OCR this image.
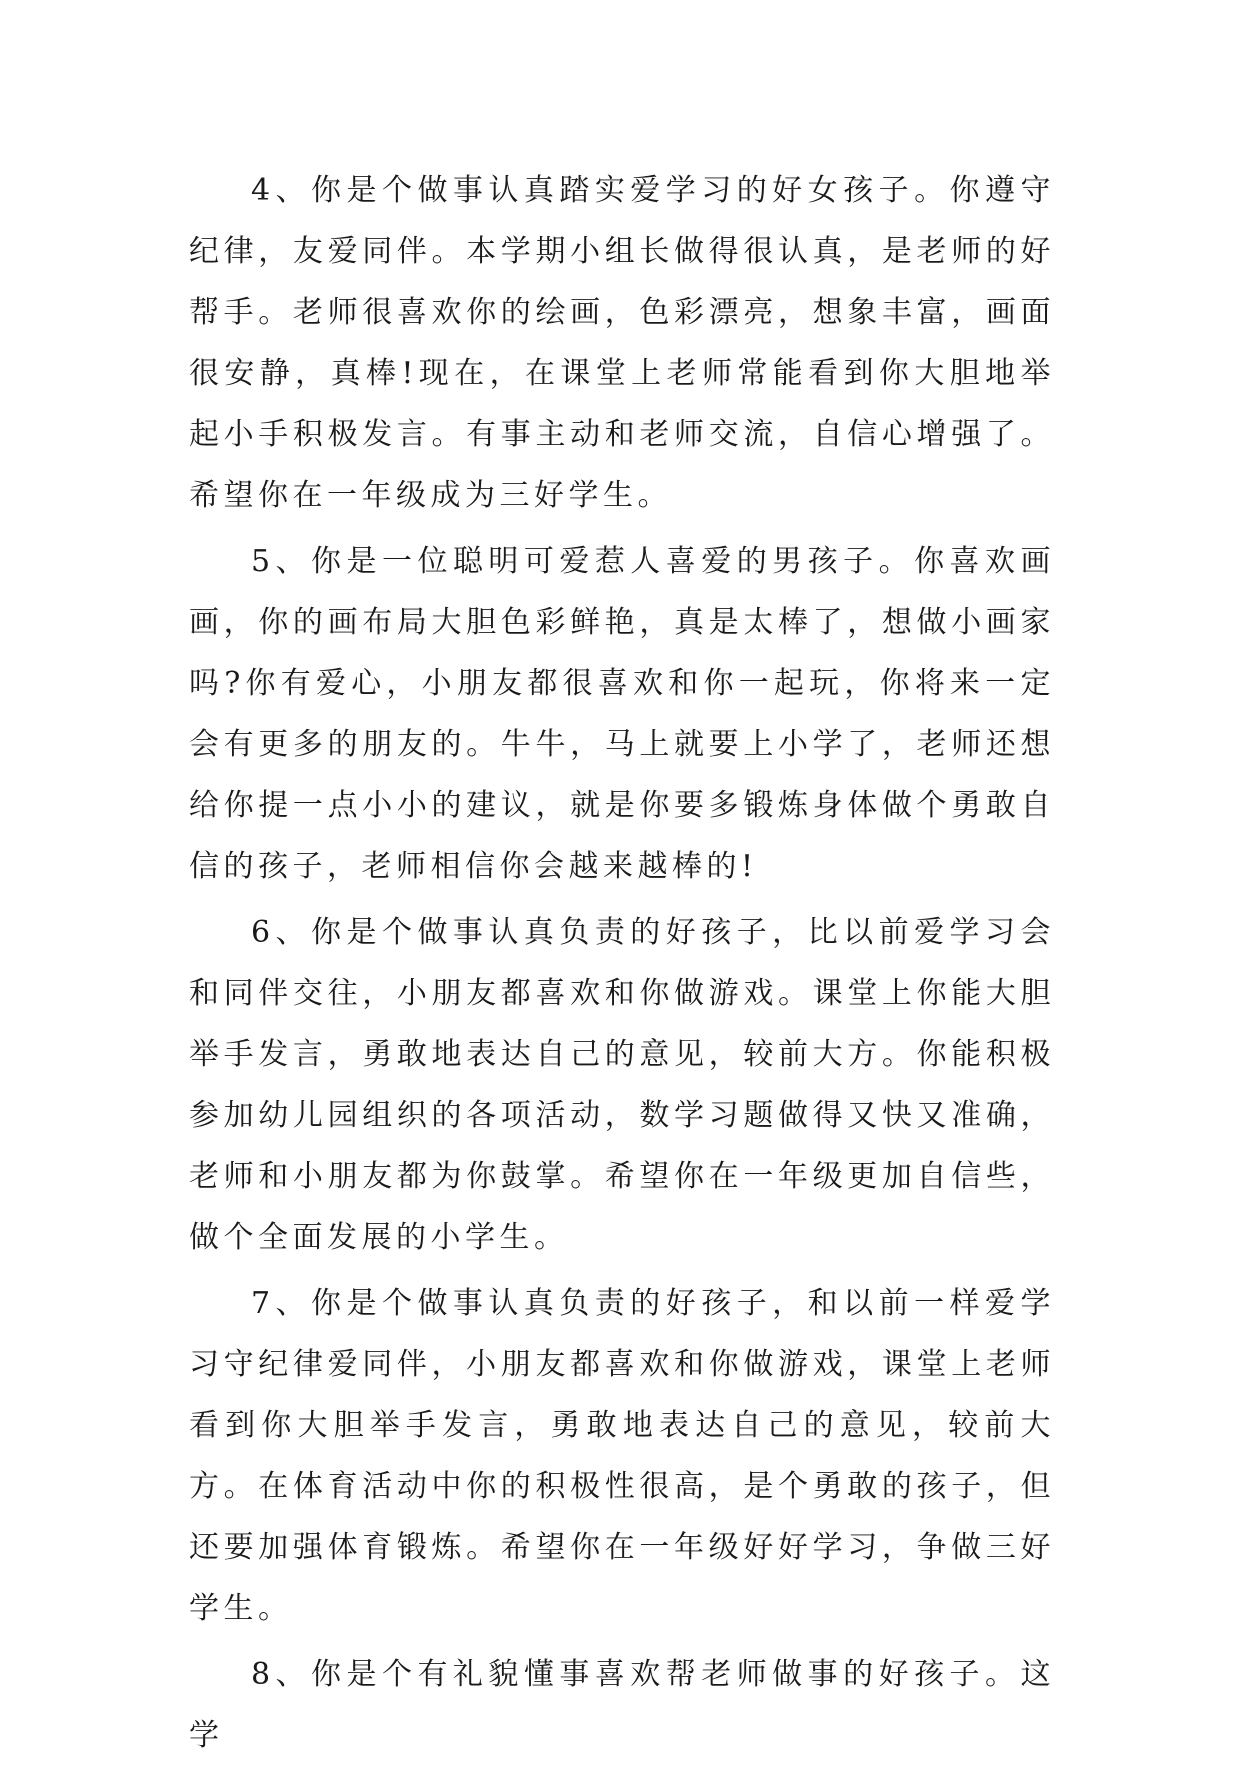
4、你是个做事认真踏实爱学习的好女孩子。你遵守纪律，友爱同伴。本学期小组长做得很认真，是老师的好帮手。老师很喜欢你的绘画，色彩漂亮，想象丰富，画面很安静，真棒!现在，在课堂上老师常能看到你大胆地举起小手积极发言。有事主动和老师交流，自信心增强了。希望你在一年级成为三好学生。

5、你是一位聪明可爱惹人喜爱的男孩子。你喜欢画画，你的画布局大胆色彩鲜艳，真是太棒了，想做小画家吗?你有爱心，小朋友都很喜欢和你一起玩，你将来一定会有更多的朋友的。牛牛，马上就要上小学了，老师还想给你提一点小小的建议，就是你要多锻炼身体做个勇敢自信的孩子，老师相信你会越来越棒的!

6、你是个做事认真负责的好孩子，比以前爱学习会和同伴交往，小朋友都喜欢和你做游戏。课堂上你能大胆举手发言，勇敢地表达自己的意见，较前大方。你能积极参加幼儿园组织的各项活动，数学习题做得又快又准确，老师和小朋友都为你鼓掌。希望你在一年级更加自信些，做个全面发展的小学生。

7、你是个做事认真负责的好孩子，和以前一样爱学习守纪律爱同伴，小朋友都喜欢和你做游戏，课堂上老师看到你大胆举手发言，勇敢地表达自己的意见，较前大方。在体育活动中你的积极性很高，是个勇敢的孩子，但还要加强体育锻炼。希望你在一年级好好学习，争做三好学生。

8、你是个有礼貌懂事喜欢帮老师做事的好孩子。这学
